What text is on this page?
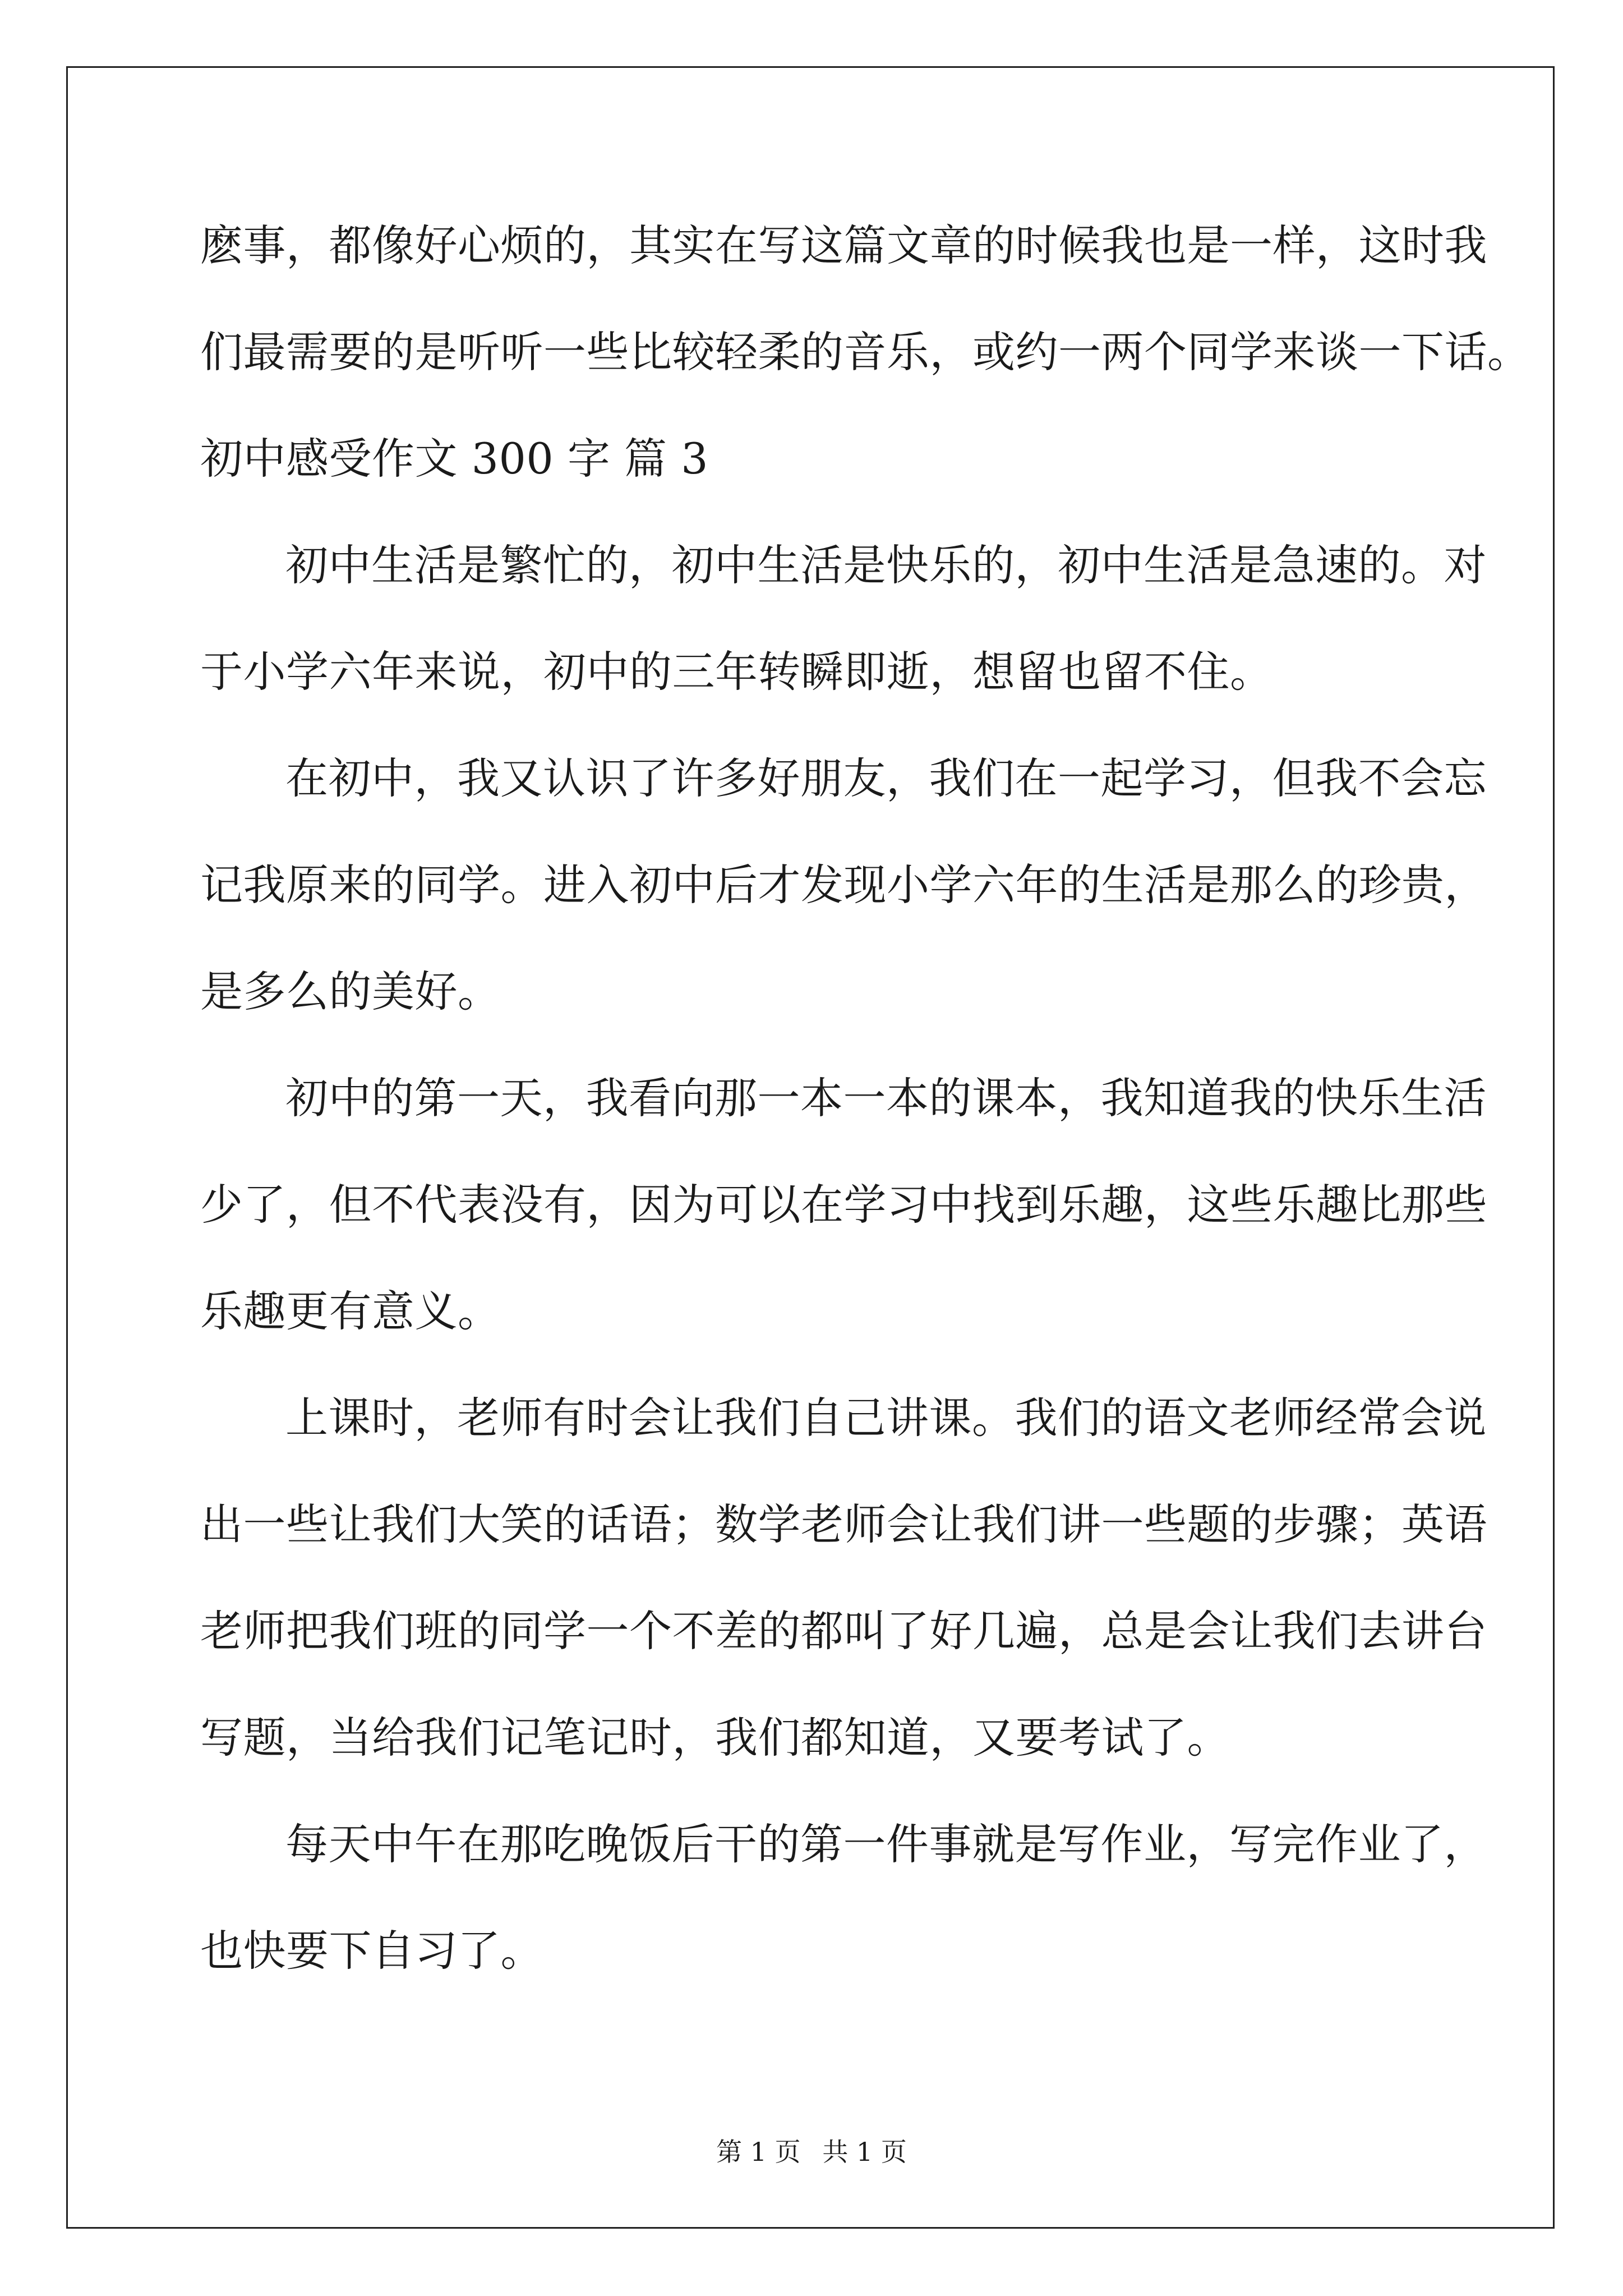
麽事，都像好心烦的，其实在写这篇文章的时候我也是一样，这时我

们最需要的是听听一些比较轻柔的音乐，或约一两个同学来谈一下话。

初中感受作文 300 字 篇 3

初中生活是繁忙的，初中生活是快乐的，初中生活是急速的。对

于小学六年来说，初中的三年转瞬即逝，想留也留不住。

在初中，我又认识了许多好朋友，我们在一起学习，但我不会忘

记我原来的同学。进入初中后才发现小学六年的生活是那么的珍贵，

是多么的美好。

初中的第一天，我看向那一本一本的课本，我知道我的快乐生活

少了，但不代表没有，因为可以在学习中找到乐趣，这些乐趣比那些

乐趣更有意义。

上课时，老师有时会让我们自己讲课。我们的语文老师经常会说

出一些让我们大笑的话语；数学老师会让我们讲一些题的步骤；英语

老师把我们班的同学一个不差的都叫了好几遍，总是会让我们去讲台

写题，当给我们记笔记时，我们都知道，又要考试了。

每天中午在那吃晚饭后干的第一件事就是写作业，写完作业了，

也快要下自习了。

第 1 页 共 1 页
